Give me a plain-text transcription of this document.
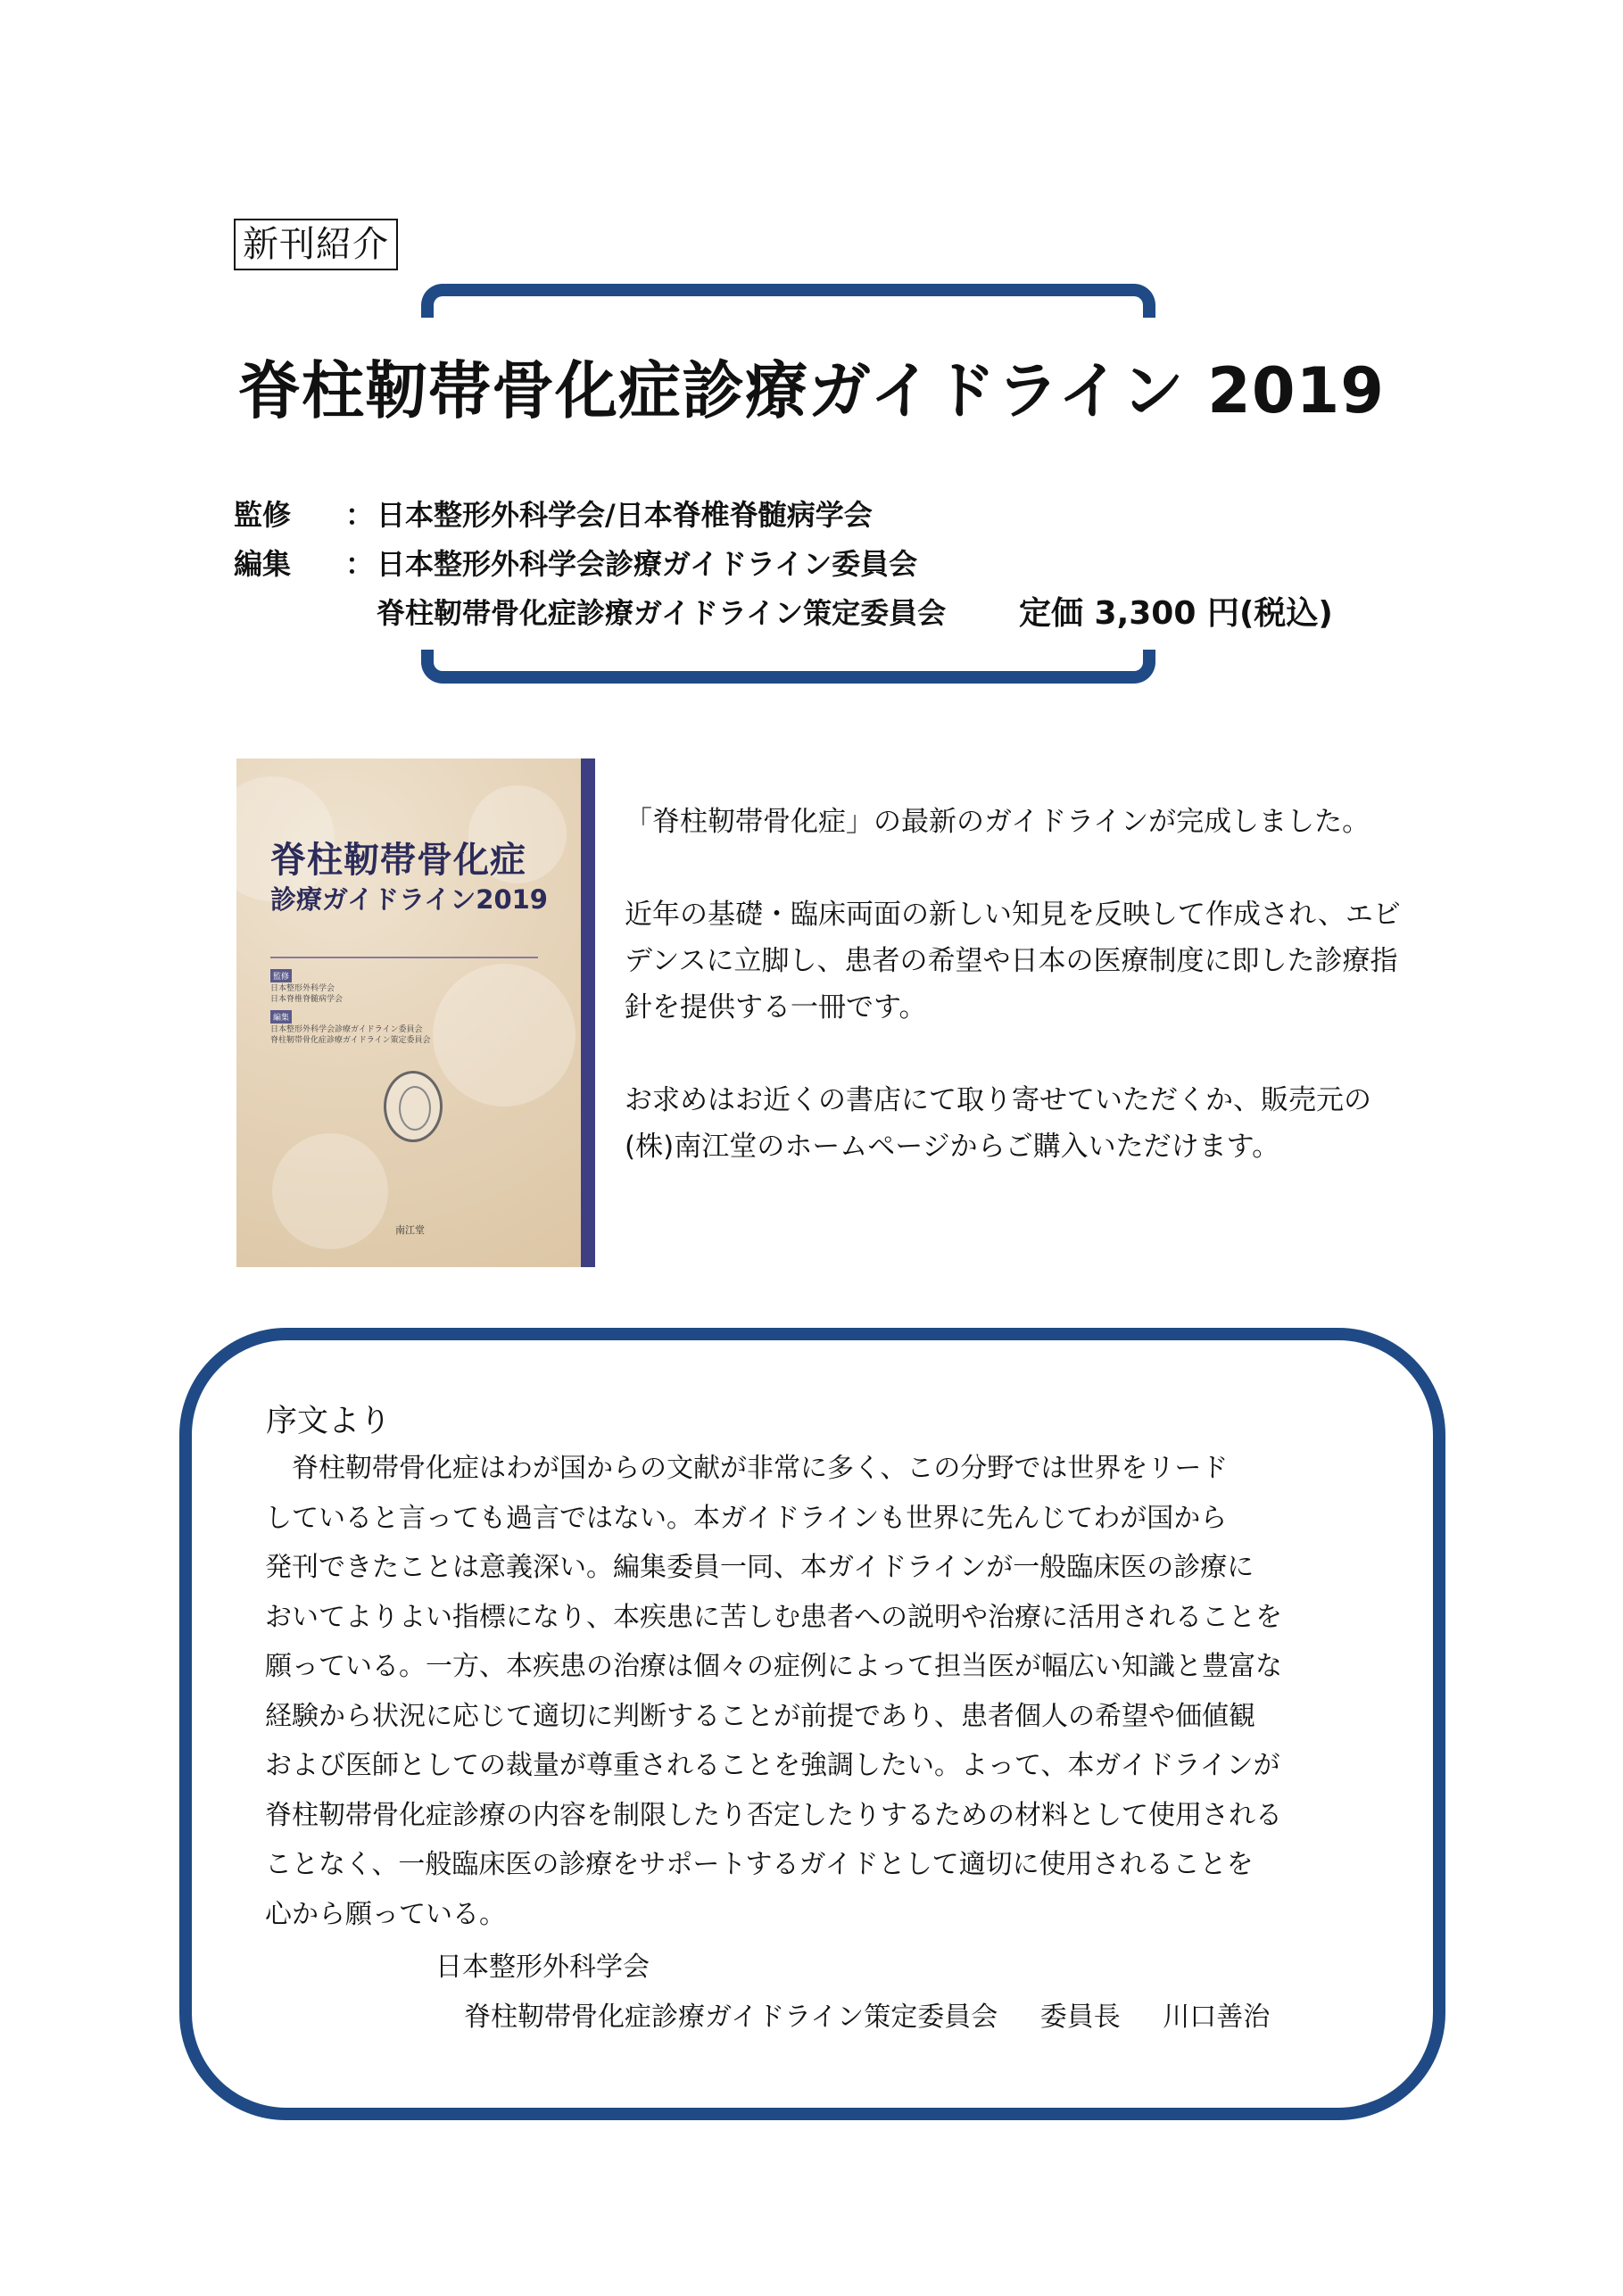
新刊紹介
脊柱靭帯骨化症診療ガイドライン 2019
監修 ： 日本整形外科学会/日本脊椎脊髄病学会
編集 ： 日本整形外科学会診療ガイドライン委員会
脊柱靭帯骨化症診療ガイドライン策定委員会 定価 3,300 円(税込)
脊柱靭帯骨化症
診療ガイドライン2019
監修
日本整形外科学会
日本脊椎脊髄病学会
編集
日本整形外科学会診療ガイドライン委員会
脊柱靭帯骨化症診療ガイドライン策定委員会
南江堂

「脊柱靭帯骨化症」の最新のガイドラインが完成しました。

近年の基礎・臨床両面の新しい知見を反映して作成され、エビデンスに立脚し、患者の希望や日本の医療制度に即した診療指針を提供する一冊です。

お求めはお近くの書店にて取り寄せていただくか、販売元の(株)南江堂のホームページからご購入いただけます。

序文より
　脊柱靭帯骨化症はわが国からの文献が非常に多く、この分野では世界をリード
していると言っても過言ではない。本ガイドラインも世界に先んじてわが国から
発刊できたことは意義深い。編集委員一同、本ガイドラインが一般臨床医の診療に
おいてよりよい指標になり、本疾患に苦しむ患者への説明や治療に活用されることを
願っている。一方、本疾患の治療は個々の症例によって担当医が幅広い知識と豊富な
経験から状況に応じて適切に判断することが前提であり、患者個人の希望や価値観
および医師としての裁量が尊重されることを強調したい。よって、本ガイドラインが
脊柱靭帯骨化症診療の内容を制限したり否定したりするための材料として使用される
ことなく、一般臨床医の診療をサポートするガイドとして適切に使用されることを
心から願っている。
日本整形外科学会
脊柱靭帯骨化症診療ガイドライン策定委員会 委員長 川口善治
